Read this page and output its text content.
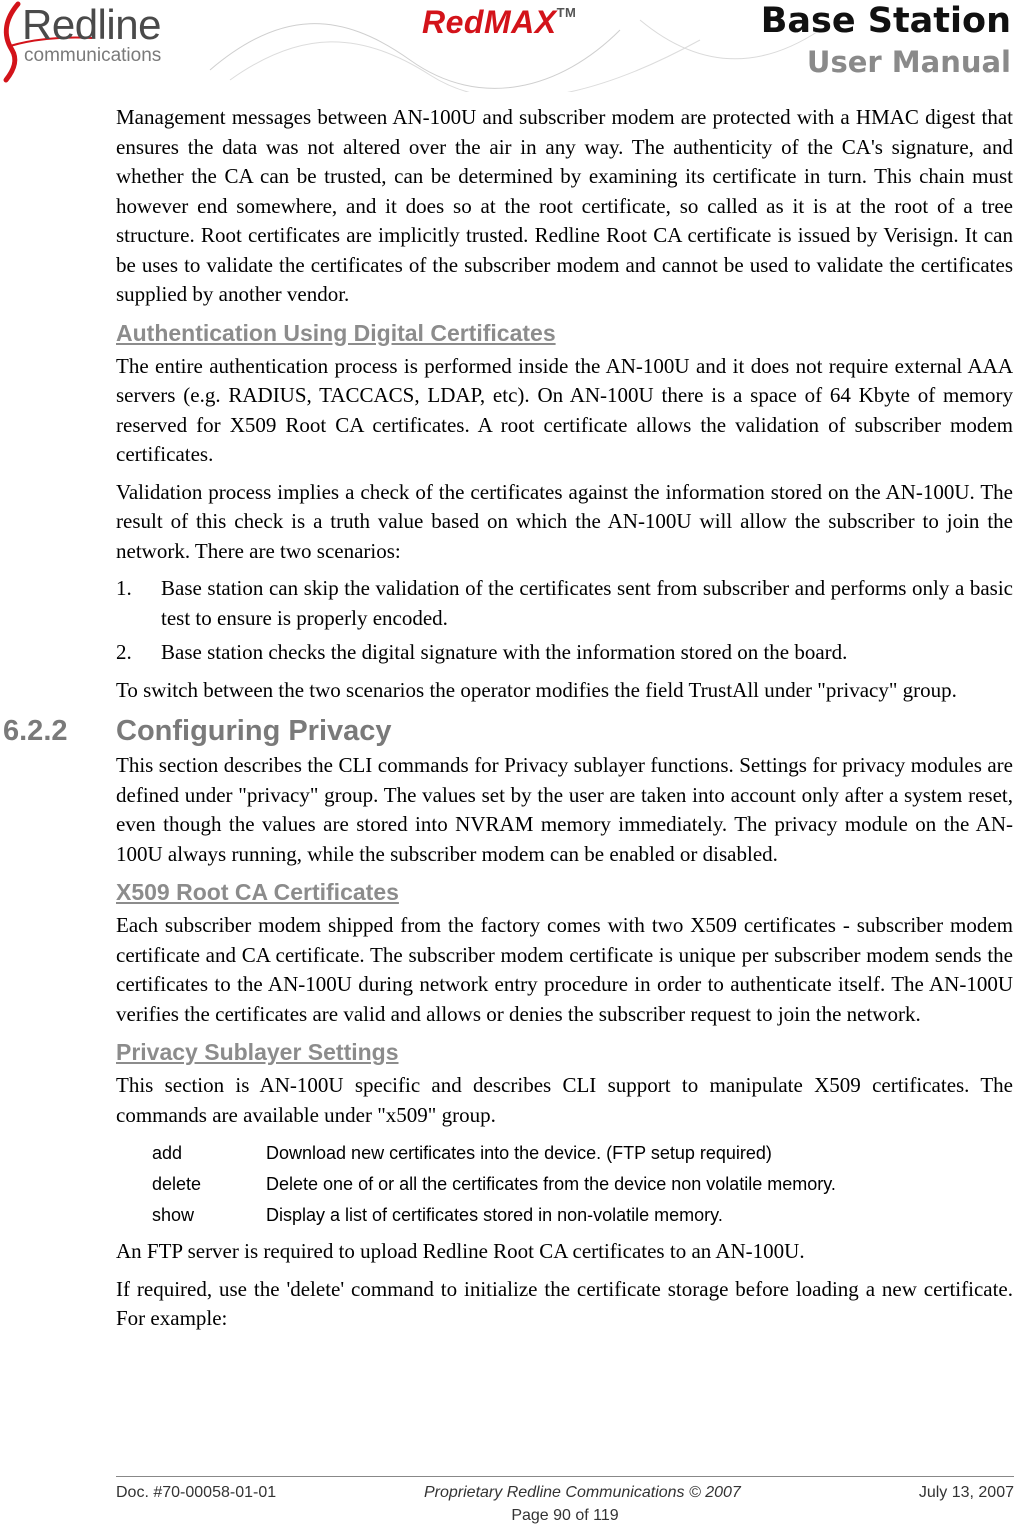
Redline
communications
RedMAX™	Base Station
User Manual

Management messages between AN-100U and subscriber modem are protected with a HMAC digest that ensures the data was not altered over the air in any way. The authenticity of the CA's signature, and whether the CA can be trusted, can be determined by examining its certificate in turn. This chain must however end somewhere, and it does so at the root certificate, so called as it is at the root of a tree structure. Root certificates are implicitly trusted. Redline Root CA certificate is issued by Verisign. It can be uses to validate the certificates of the subscriber modem and cannot be used to validate the certificates supplied by another vendor.

Authentication Using Digital Certificates

The entire authentication process is performed inside the AN-100U and it does not require external AAA servers (e.g. RADIUS, TACCACS, LDAP, etc). On AN-100U there is a space of 64 Kbyte of memory reserved for X509 Root CA certificates. A root certificate allows the validation of subscriber modem certificates.

Validation process implies a check of the certificates against the information stored on the AN-100U. The result of this check is a truth value based on which the AN-100U will allow the subscriber to join the network. There are two scenarios:

1.	Base station can skip the validation of the certificates sent from subscriber and performs only a basic test to ensure is properly encoded.
2.	Base station checks the digital signature with the information stored on the board.

To switch between the two scenarios the operator modifies the field TrustAll under "privacy" group.

6.2.2 Configuring Privacy

This section describes the CLI commands for Privacy sublayer functions. Settings for privacy modules are defined under "privacy" group. The values set by the user are taken into account only after a system reset, even though the values are stored into NVRAM memory immediately. The privacy module on the AN-100U always running, while the subscriber modem can be enabled or disabled.

X509 Root CA Certificates

Each subscriber modem shipped from the factory comes with two X509 certificates - subscriber modem certificate and CA certificate. The subscriber modem certificate is unique per subscriber modem sends the certificates to the AN-100U during network entry procedure in order to authenticate itself. The AN-100U verifies the certificates are valid and allows or denies the subscriber request to join the network.

Privacy Sublayer Settings

This section is AN-100U specific and describes CLI support to manipulate X509 certificates. The commands are available under "x509" group.

add	Download new certificates into the device. (FTP setup required)
delete	Delete one of or all the certificates from the device non volatile memory.
show	Display a list of certificates stored in non-volatile memory.

An FTP server is required to upload Redline Root CA certificates to an AN-100U.

If required, use the 'delete' command to initialize the certificate storage before loading a new certificate. For example:

Doc. #70-00058-01-01	Proprietary Redline Communications © 2007	July 13, 2007
Page 90 of 119
